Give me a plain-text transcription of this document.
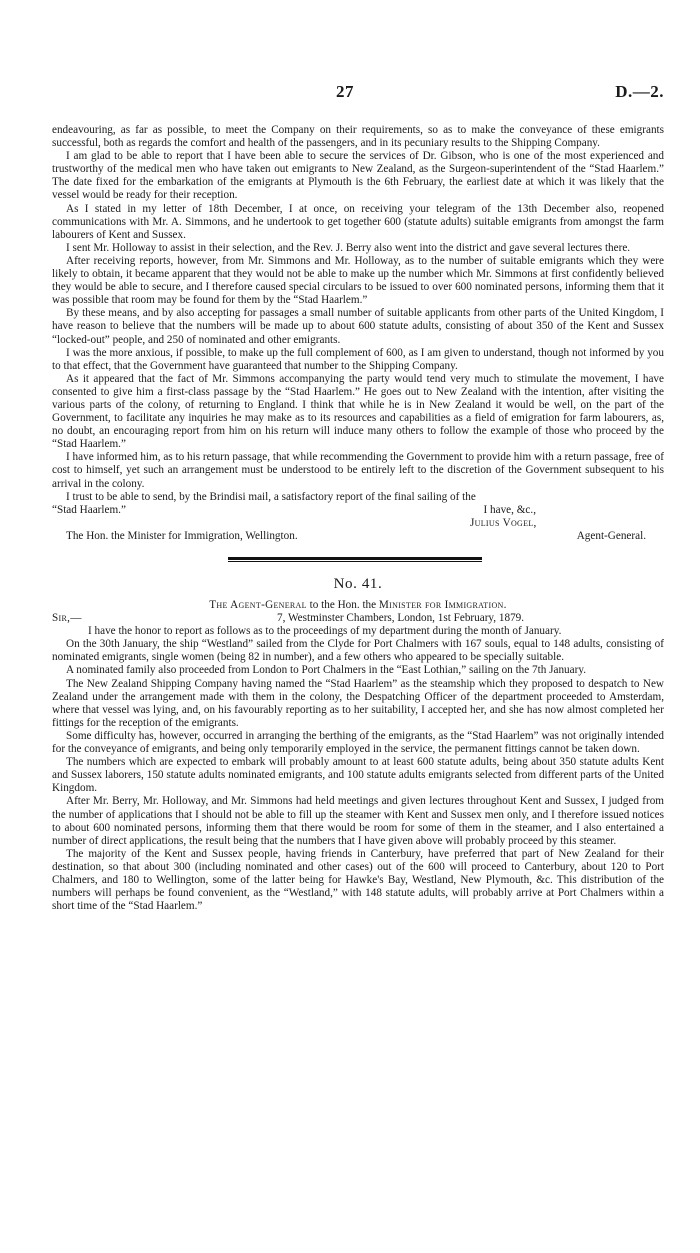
27	D.—2.

endeavouring, as far as possible, to meet the Company on their requirements, so as to make the conveyance of these emigrants successful, both as regards the comfort and health of the passengers, and in its pecuniary results to the Shipping Company.

I am glad to be able to report that I have been able to secure the services of Dr. Gibson, who is one of the most experienced and trustworthy of the medical men who have taken out emigrants to New Zealand, as the Surgeon-superintendent of the “Stad Haarlem.” The date fixed for the embarkation of the emigrants at Plymouth is the 6th February, the earliest date at which it was likely that the vessel would be ready for their reception.

As I stated in my letter of 18th December, I at once, on receiving your telegram of the 13th December also, reopened communications with Mr. A. Simmons, and he undertook to get together 600 (statute adults) suitable emigrants from amongst the farm labourers of Kent and Sussex.

I sent Mr. Holloway to assist in their selection, and the Rev. J. Berry also went into the district and gave several lectures there.

After receiving reports, however, from Mr. Simmons and Mr. Holloway, as to the number of suitable emigrants which they were likely to obtain, it became apparent that they would not be able to make up the number which Mr. Simmons at first confidently believed they would be able to secure, and I therefore caused special circulars to be issued to over 600 nominated persons, informing them that it was possible that room may be found for them by the “Stad Haarlem.”

By these means, and by also accepting for passages a small number of suitable applicants from other parts of the United Kingdom, I have reason to believe that the numbers will be made up to about 600 statute adults, consisting of about 350 of the Kent and Sussex “locked-out” people, and 250 of nominated and other emigrants.

I was the more anxious, if possible, to make up the full complement of 600, as I am given to understand, though not informed by you to that effect, that the Government have guaranteed that number to the Shipping Company.

As it appeared that the fact of Mr. Simmons accompanying the party would tend very much to stimulate the movement, I have consented to give him a first-class passage by the “Stad Haarlem.” He goes out to New Zealand with the intention, after visiting the various parts of the colony, of returning to England. I think that while he is in New Zealand it would be well, on the part of the Government, to facilitate any inquiries he may make as to its resources and capabilities as a field of emigration for farm labourers, as, no doubt, an encouraging report from him on his return will induce many others to follow the example of those who proceed by the “Stad Haarlem.”

I have informed him, as to his return passage, that while recommending the Government to provide him with a return passage, free of cost to himself, yet such an arrangement must be understood to be entirely left to the discretion of the Government subsequent to his arrival in the colony.

I trust to be able to send, by the Brindisi mail, a satisfactory report of the final sailing of the

“Stad Haarlem.”	I have, &c.,
Julius Vogel,
The Hon. the Minister for Immigration, Wellington.	Agent-General.
No. 41.
The Agent-General to the Hon. the Minister for Immigration.
Sir,—	7, Westminster Chambers, London, 1st February, 1879.

I have the honor to report as follows as to the proceedings of my department during the month of January.

On the 30th January, the ship “Westland” sailed from the Clyde for Port Chalmers with 167 souls, equal to 148 adults, consisting of nominated emigrants, single women (being 82 in number), and a few others who appeared to be specially suitable.

A nominated family also proceeded from London to Port Chalmers in the “East Lothian,” sailing on the 7th January.

The New Zealand Shipping Company having named the “Stad Haarlem” as the steamship which they proposed to despatch to New Zealand under the arrangement made with them in the colony, the Despatching Officer of the department proceeded to Amsterdam, where that vessel was lying, and, on his favourably reporting as to her suitability, I accepted her, and she has now almost completed her fittings for the reception of the emigrants.

Some difficulty has, however, occurred in arranging the berthing of the emigrants, as the “Stad Haarlem” was not originally intended for the conveyance of emigrants, and being only temporarily employed in the service, the permanent fittings cannot be taken down.

The numbers which are expected to embark will probably amount to at least 600 statute adults, being about 350 statute adults Kent and Sussex laborers, 150 statute adults nominated emigrants, and 100 statute adults emigrants selected from different parts of the United Kingdom.

After Mr. Berry, Mr. Holloway, and Mr. Simmons had held meetings and given lectures throughout Kent and Sussex, I judged from the number of applications that I should not be able to fill up the steamer with Kent and Sussex men only, and I therefore issued notices to about 600 nominated persons, informing them that there would be room for some of them in the steamer, and I also entertained a number of direct applications, the result being that the numbers that I have given above will probably proceed by this steamer.

The majority of the Kent and Sussex people, having friends in Canterbury, have preferred that part of New Zealand for their destination, so that about 300 (including nominated and other cases) out of the 600 will proceed to Canterbury, about 120 to Port Chalmers, and 180 to Wellington, some of the latter being for Hawke's Bay, Westland, New Plymouth, &c. This distribution of the numbers will perhaps be found convenient, as the “Westland,” with 148 statute adults, will probably arrive at Port Chalmers within a short time of the “Stad Haarlem.”
